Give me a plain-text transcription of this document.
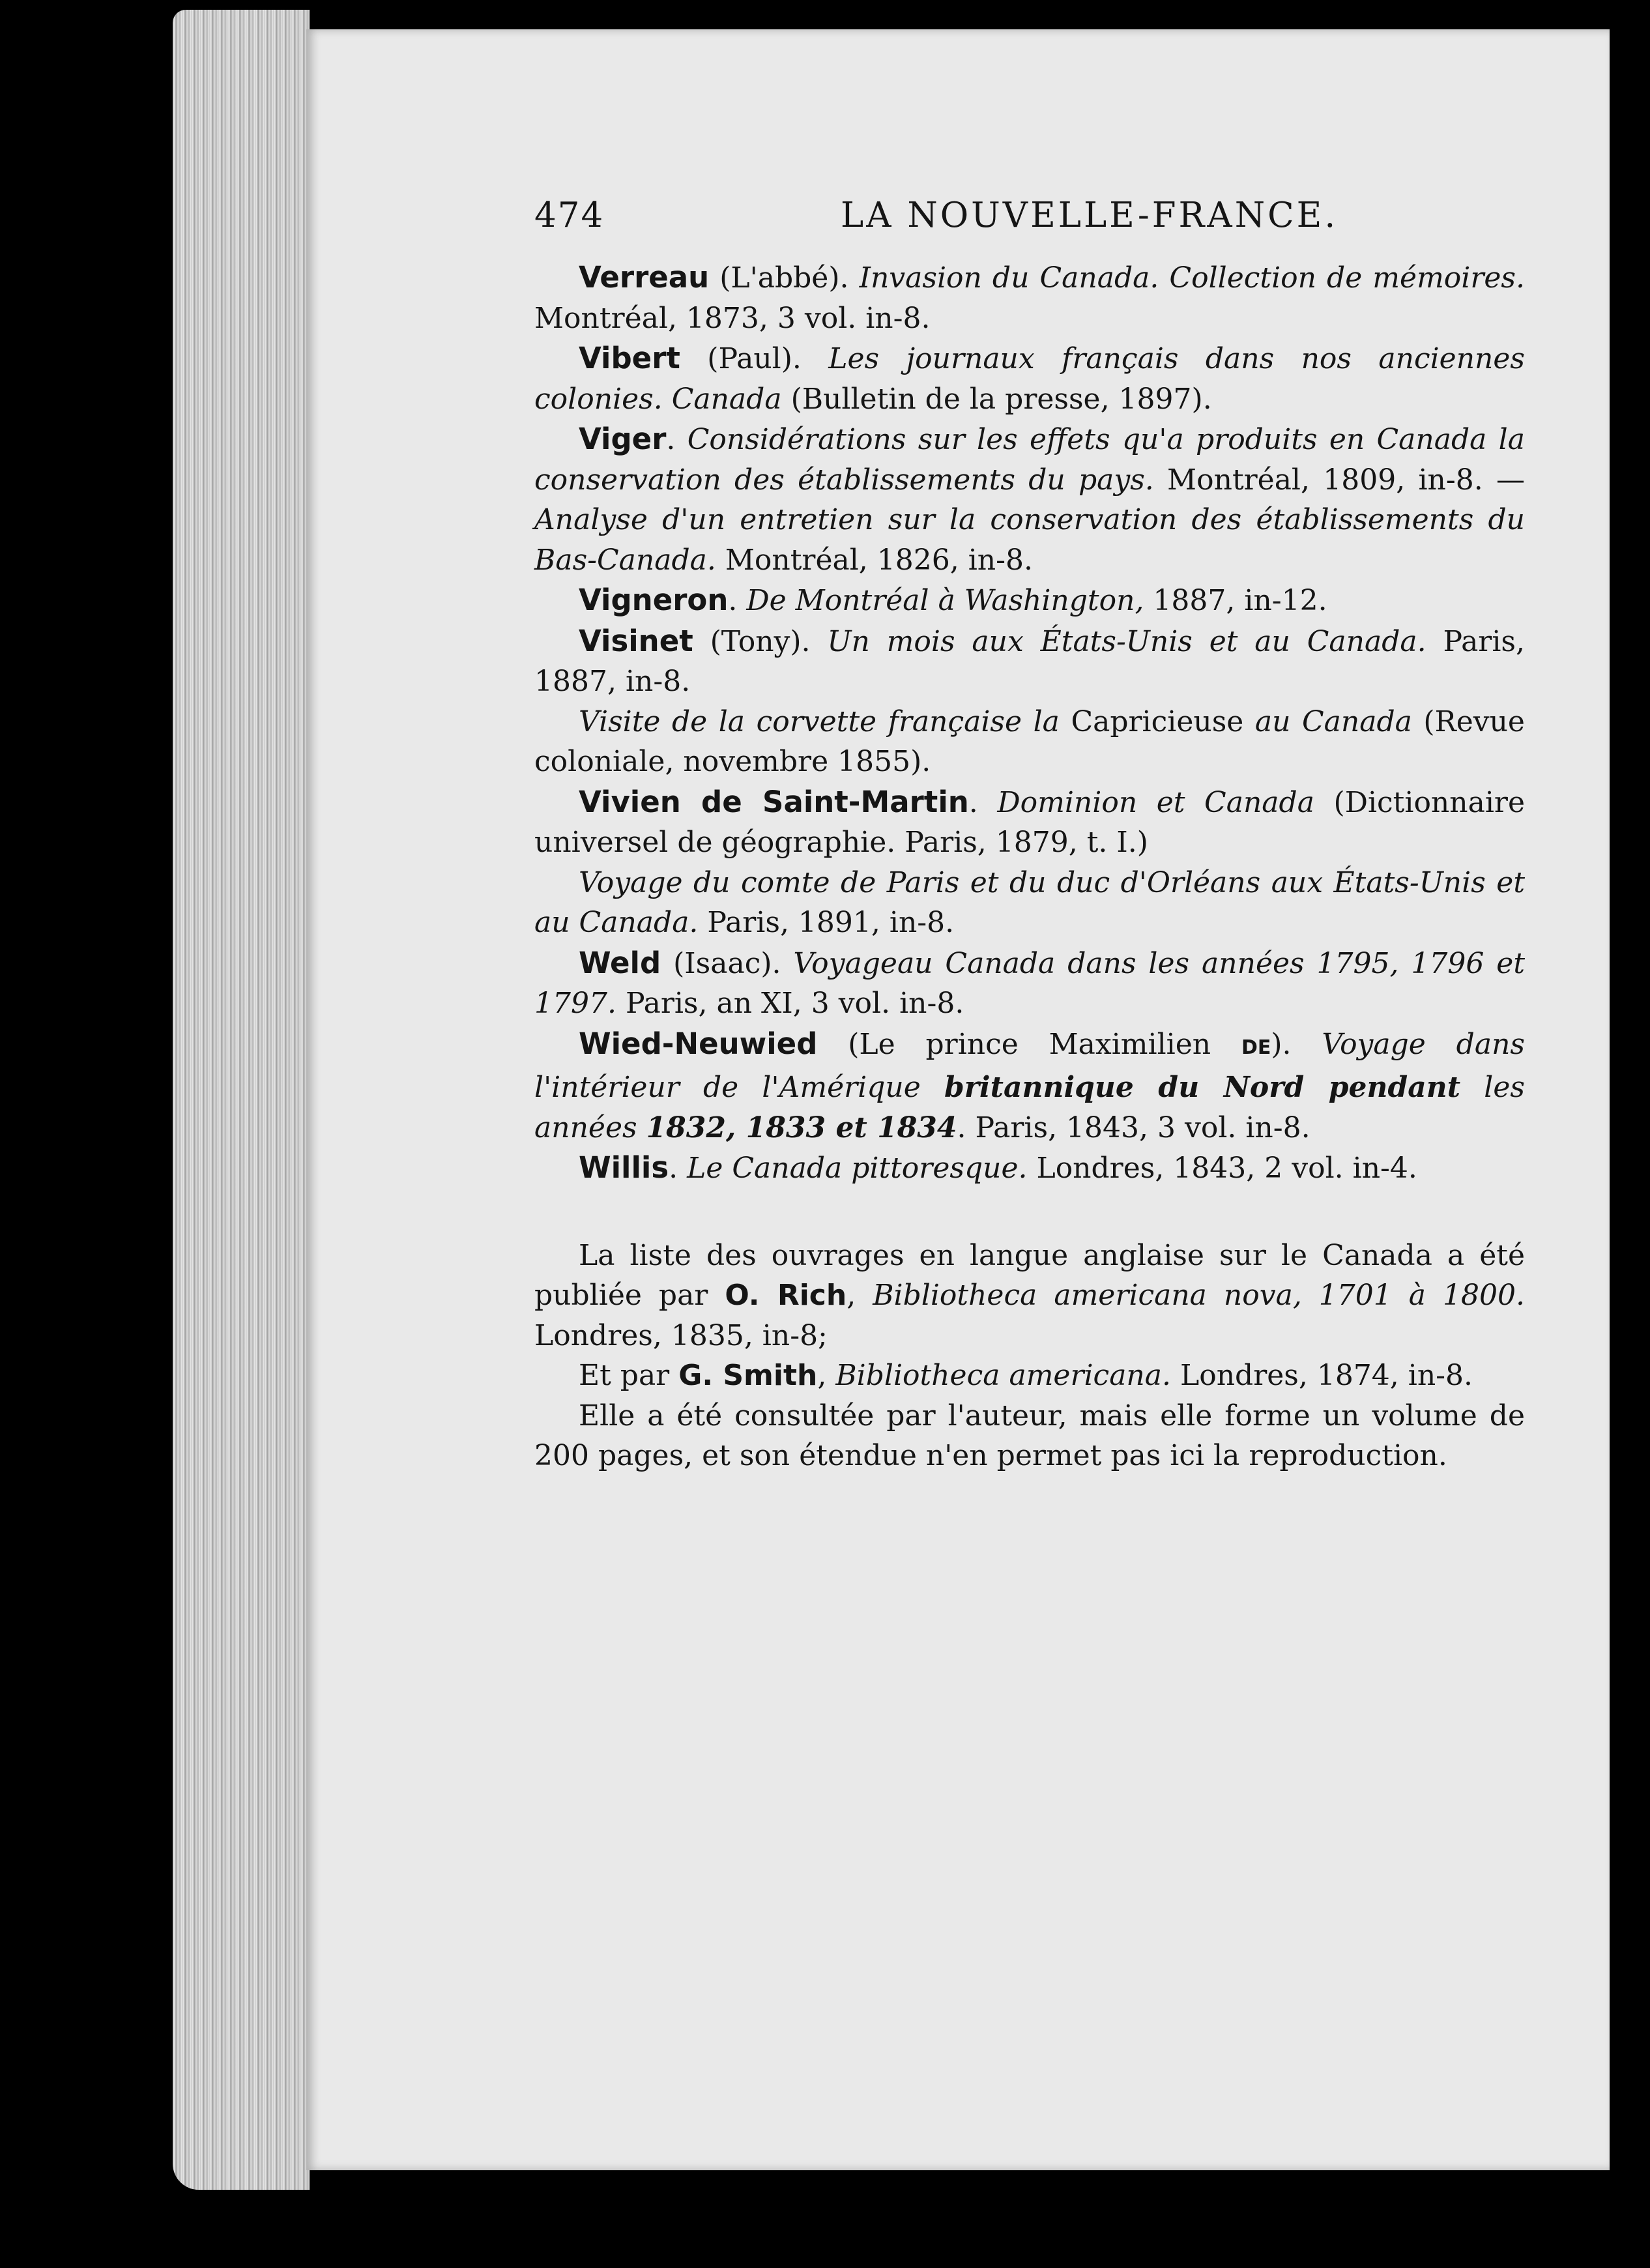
474	LA NOUVELLE-FRANCE.

Verreau (L'abbé). Invasion du Canada. Collection de mémoires. Montréal, 1873, 3 vol. in-8.

Vibert (Paul). Les journaux français dans nos anciennes colonies. Canada (Bulletin de la presse, 1897).

Viger. Considérations sur les effets qu'a produits en Canada la conservation des établissements du pays. Montréal, 1809, in-8. — Analyse d'un entretien sur la conservation des établissements du Bas-Canada. Montréal, 1826, in-8.

Vigneron. De Montréal à Washington, 1887, in-12.

Visinet (Tony). Un mois aux États-Unis et au Canada. Paris, 1887, in-8.

Visite de la corvette française la Capricieuse au Canada (Revue coloniale, novembre 1855).

Vivien de Saint-Martin. Dominion et Canada (Dictionnaire universel de géographie. Paris, 1879, t. I.)

Voyage du comte de Paris et du duc d'Orléans aux États-Unis et au Canada. Paris, 1891, in-8.

Weld (Isaac). Voyageau Canada dans les années 1795, 1796 et 1797. Paris, an XI, 3 vol. in-8.

Wied-Neuwied (Le prince Maximilien DE). Voyage dans l'intérieur de l'Amérique britannique du Nord pendant les années 1832, 1833 et 1834. Paris, 1843, 3 vol. in-8.

Willis. Le Canada pittoresque. Londres, 1843, 2 vol. in-4.

La liste des ouvrages en langue anglaise sur le Canada a été publiée par O. Rich, Bibliotheca americana nova, 1701 à 1800. Londres, 1835, in-8;

Et par G. Smith, Bibliotheca americana. Londres, 1874, in-8.

Elle a été consultée par l'auteur, mais elle forme un volume de 200 pages, et son étendue n'en permet pas ici la reproduction.
